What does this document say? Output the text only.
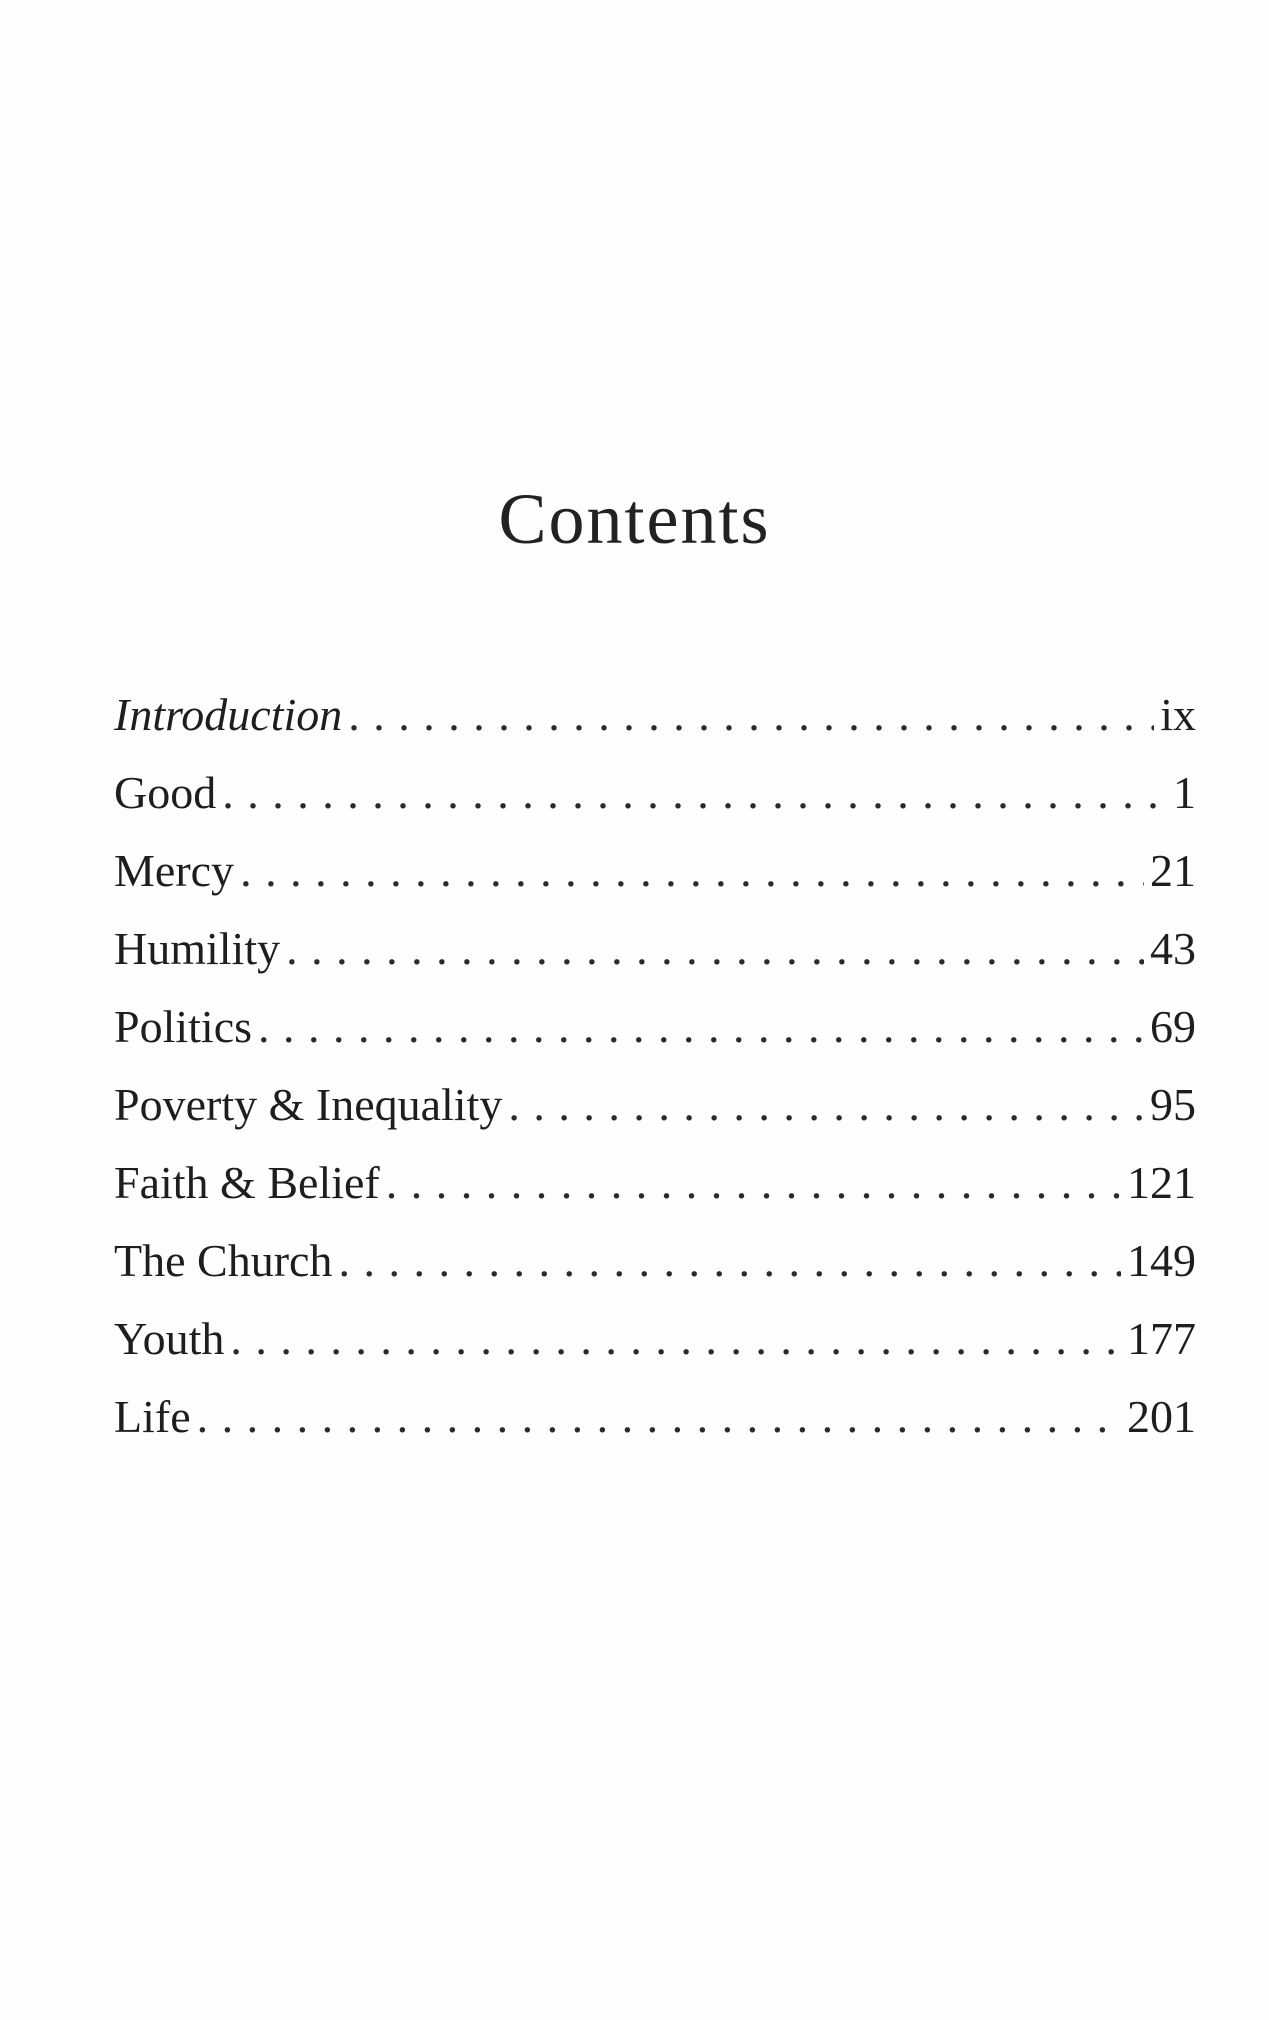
Contents
Introduction . . .	ix
Good . . .	1
Mercy . . .	21
Humility . . .	43
Politics . . .	69
Poverty & Inequality . . .	95
Faith & Belief . . .	121
The Church . . .	149
Youth . . .	177
Life . . .	201
